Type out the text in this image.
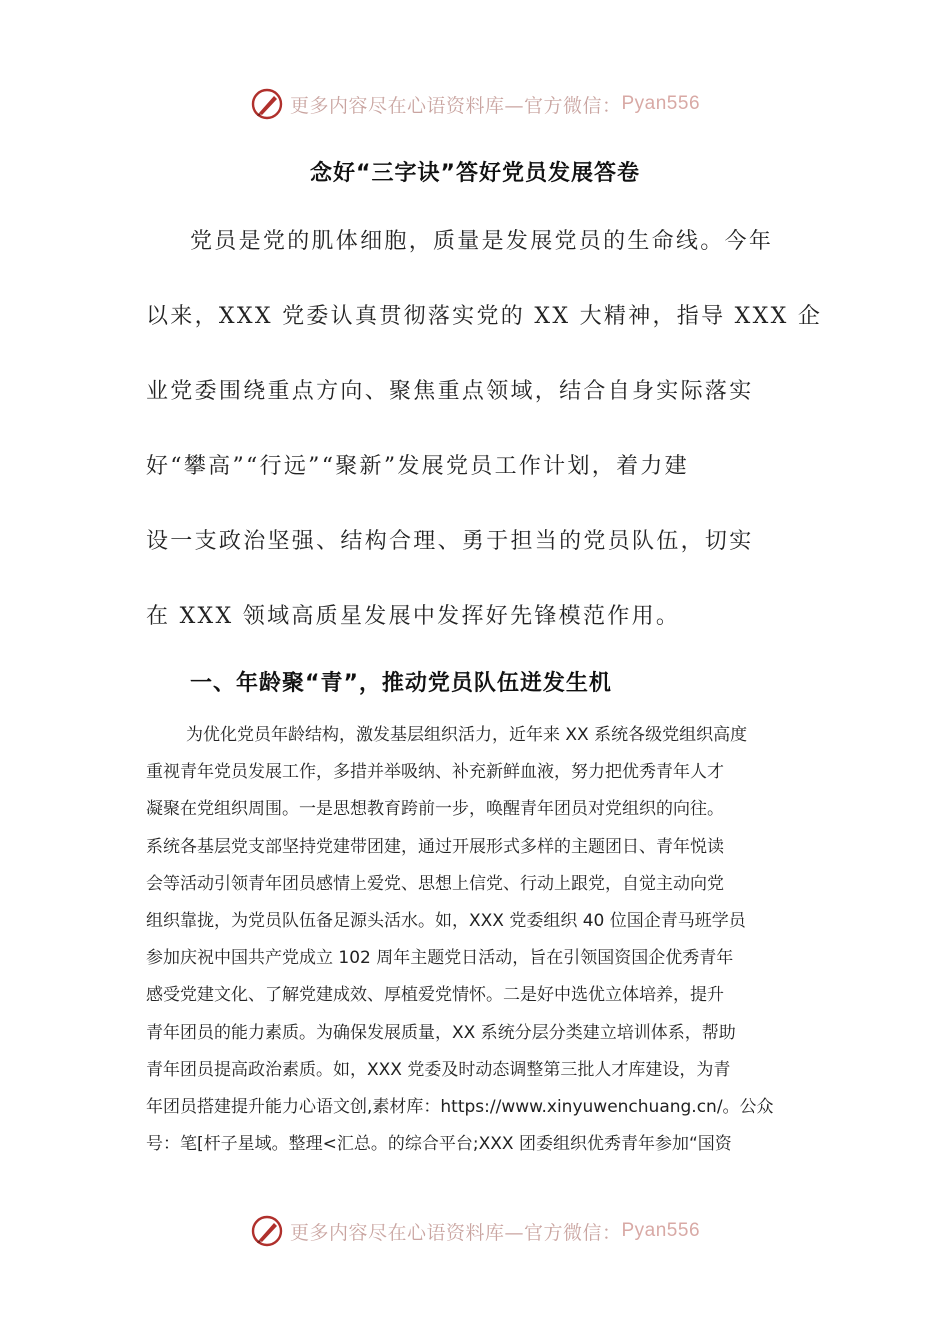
更多内容尽在心语资料库—官方微信： Pyan556
念好“三字诀”答好党员发展答卷
党员是党的肌体细胞，质量是发展党员的生命线。今年
以来，XXX 党委认真贯彻落实党的 XX 大精神，指导 XXX 企
业党委围绕重点方向、聚焦重点领域，结合自身实际落实
好“攀高”“行远”“聚新”发展党员工作计划，着力建
设一支政治坚强、结构合理、勇于担当的党员队伍，切实
在 XXX 领域高质星发展中发挥好先锋模范作用。
一、年龄聚“青”，推动党员队伍迸发生机
为优化党员年龄结构，激发基层组织活力，近年来 XX 系统各级党组织高度
重视青年党员发展工作，多措并举吸纳、补充新鲜血液，努力把优秀青年人才
凝聚在党组织周围。一是思想教育跨前一步，唤醒青年团员对党组织的向往。
系统各基层党支部坚持党建带团建，通过开展形式多样的主题团日、青年悦读
会等活动引领青年团员感情上爱党、思想上信党、行动上跟党，自觉主动向党
组织靠拢，为党员队伍备足源头活水。如，XXX 党委组织 40 位国企青马班学员
参加庆祝中国共产党成立 102 周年主题党日活动，旨在引领国资国企优秀青年
感受党建文化、了解党建成效、厚植爱党情怀。二是好中选优立体培养，提升
青年团员的能力素质。为确保发展质量，XX 系统分层分类建立培训体系，帮助
青年团员提高政治素质。如，XXX 党委及时动态调整第三批人才库建设，为青
年团员搭建提升能力心语文创,素材库：https://www.xinyuwenchuang.cn/。公众
号：笔[杆子星域。整理<汇总。的综合平台;XXX 团委组织优秀青年参加“国资
更多内容尽在心语资料库—官方微信： Pyan556
